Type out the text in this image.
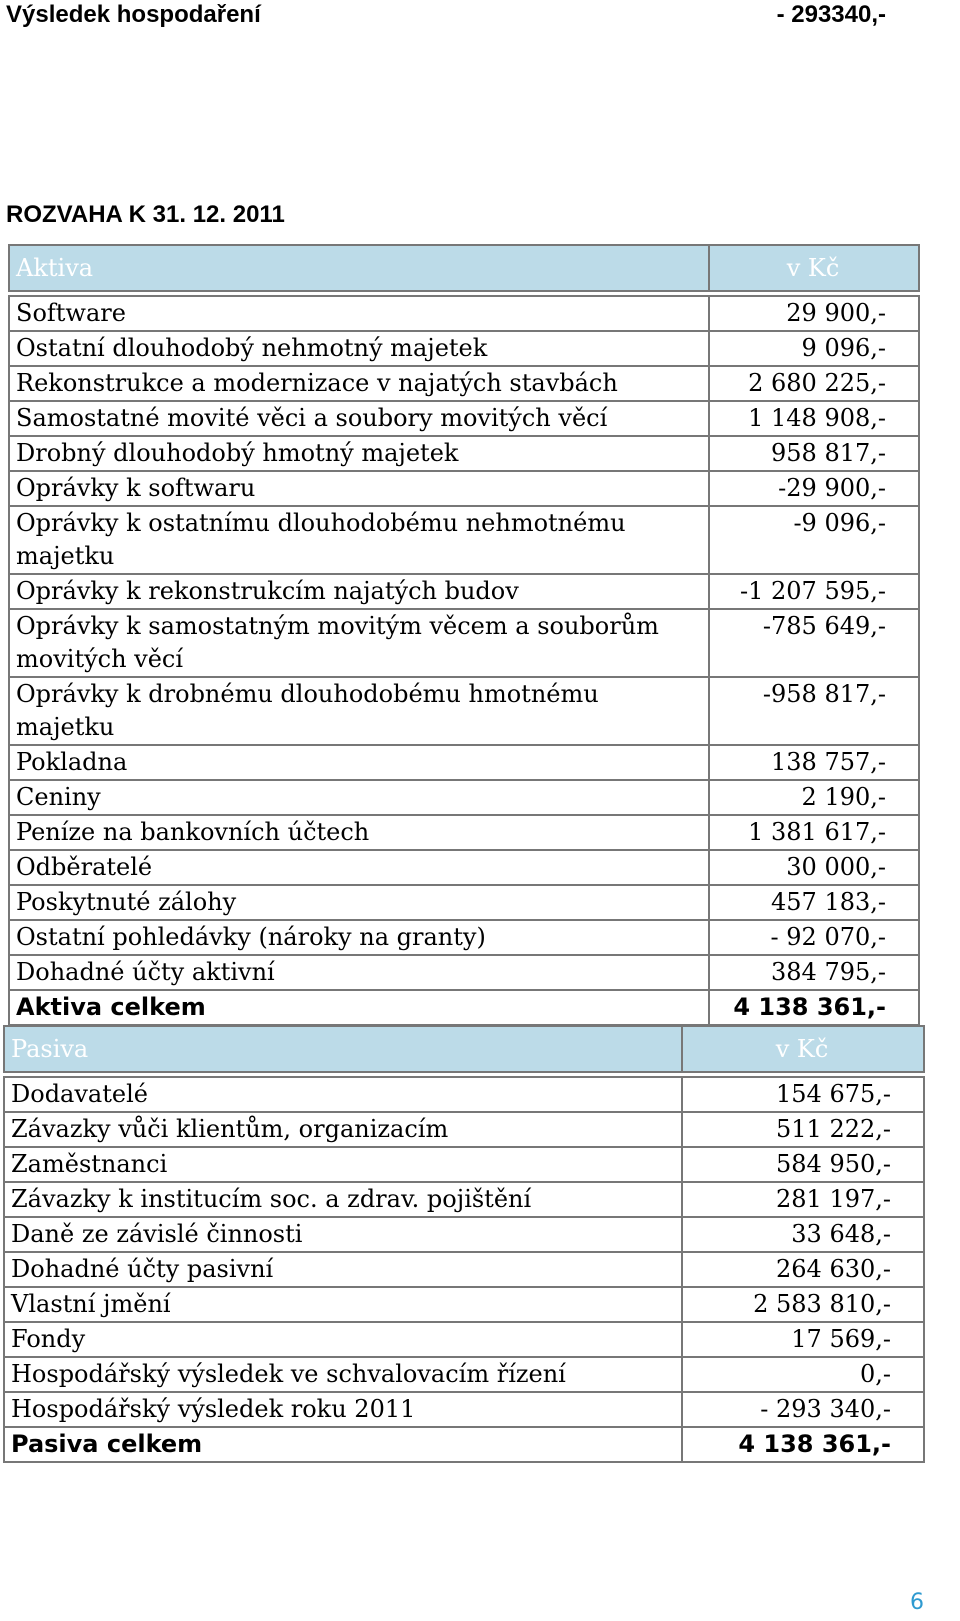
Výsledek hospodaření	- 293340,-
ROZVAHA K 31. 12. 2011
Aktiva	v Kč

Software	29 900,-
Ostatní dlouhodobý nehmotný majetek	9 096,-
Rekonstrukce a modernizace v najatých stavbách	2 680 225,-
Samostatné movité věci a soubory movitých věcí	1 148 908,-
Drobný dlouhodobý hmotný majetek	958 817,-
Oprávky k softwaru	-29 900,-
Oprávky k ostatnímu dlouhodobému nehmotnému majetku	-9 096,-
Oprávky k rekonstrukcím najatých budov	-1 207 595,-
Oprávky k samostatným movitým věcem a souborům movitých věcí	-785 649,-
Oprávky k drobnému dlouhodobému hmotnému majetku	-958 817,-
Pokladna	138 757,-
Ceniny	2 190,-
Peníze na bankovních účtech	1 381 617,-
Odběratelé	30 000,-
Poskytnuté zálohy	457 183,-
Ostatní pohledávky (nároky na granty)	- 92 070,-
Dohadné účty aktivní	384 795,-
Aktiva celkem	4 138 361,-
Pasiva	v Kč

Dodavatelé	154 675,-
Závazky vůči klientům, organizacím	511 222,-
Zaměstnanci	584 950,-
Závazky k institucím soc. a zdrav. pojištění	281 197,-
Daně ze závislé činnosti	33 648,-
Dohadné účty pasivní	264 630,-
Vlastní jmění	2 583 810,-
Fondy	17 569,-
Hospodářský výsledek ve schvalovacím řízení	0,-
Hospodářský výsledek roku 2011	- 293 340,-
Pasiva celkem	4 138 361,-
6
